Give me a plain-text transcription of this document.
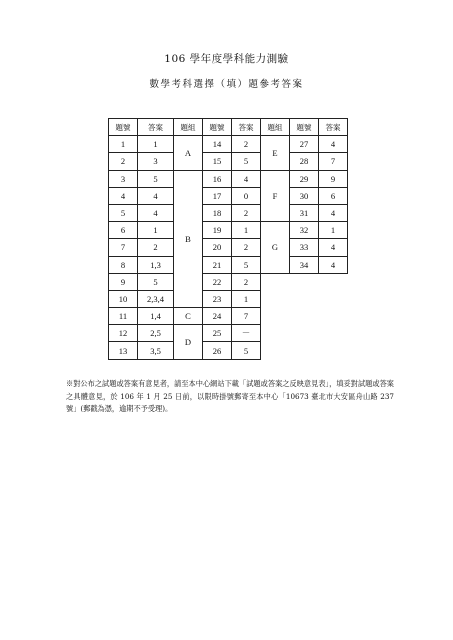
106 學年度學科能力測驗
數學考科選擇（填）題參考答案
題號	答案	題組	題號	答案	題組	題號	答案
1	1	A	14	2	E	27	4
2	3		15	5		28	7
3	5	B	16	4	F	29	9
4	4		17	0		30	6
5	4		18	2		31	4
6	1		19	1	G	32	1
7	2		20	2		33	4
8	1,3		21	5		34	4
9	5		22	2			
10	2,3,4		23	1			
11	1,4	C	24	7			
12	2,5	D	25	－			
13	3,5		26	5			
※對公布之試題或答案有意見者，請至本中心網站下載「試題或答案之反映意見表」，填妥對試題或答案之具體意見，於 106 年 1 月 25 日前，以限時掛號郵寄至本中心「10673 臺北市大安區舟山路 237 號」(郵戳為憑，逾期不予受理)。
